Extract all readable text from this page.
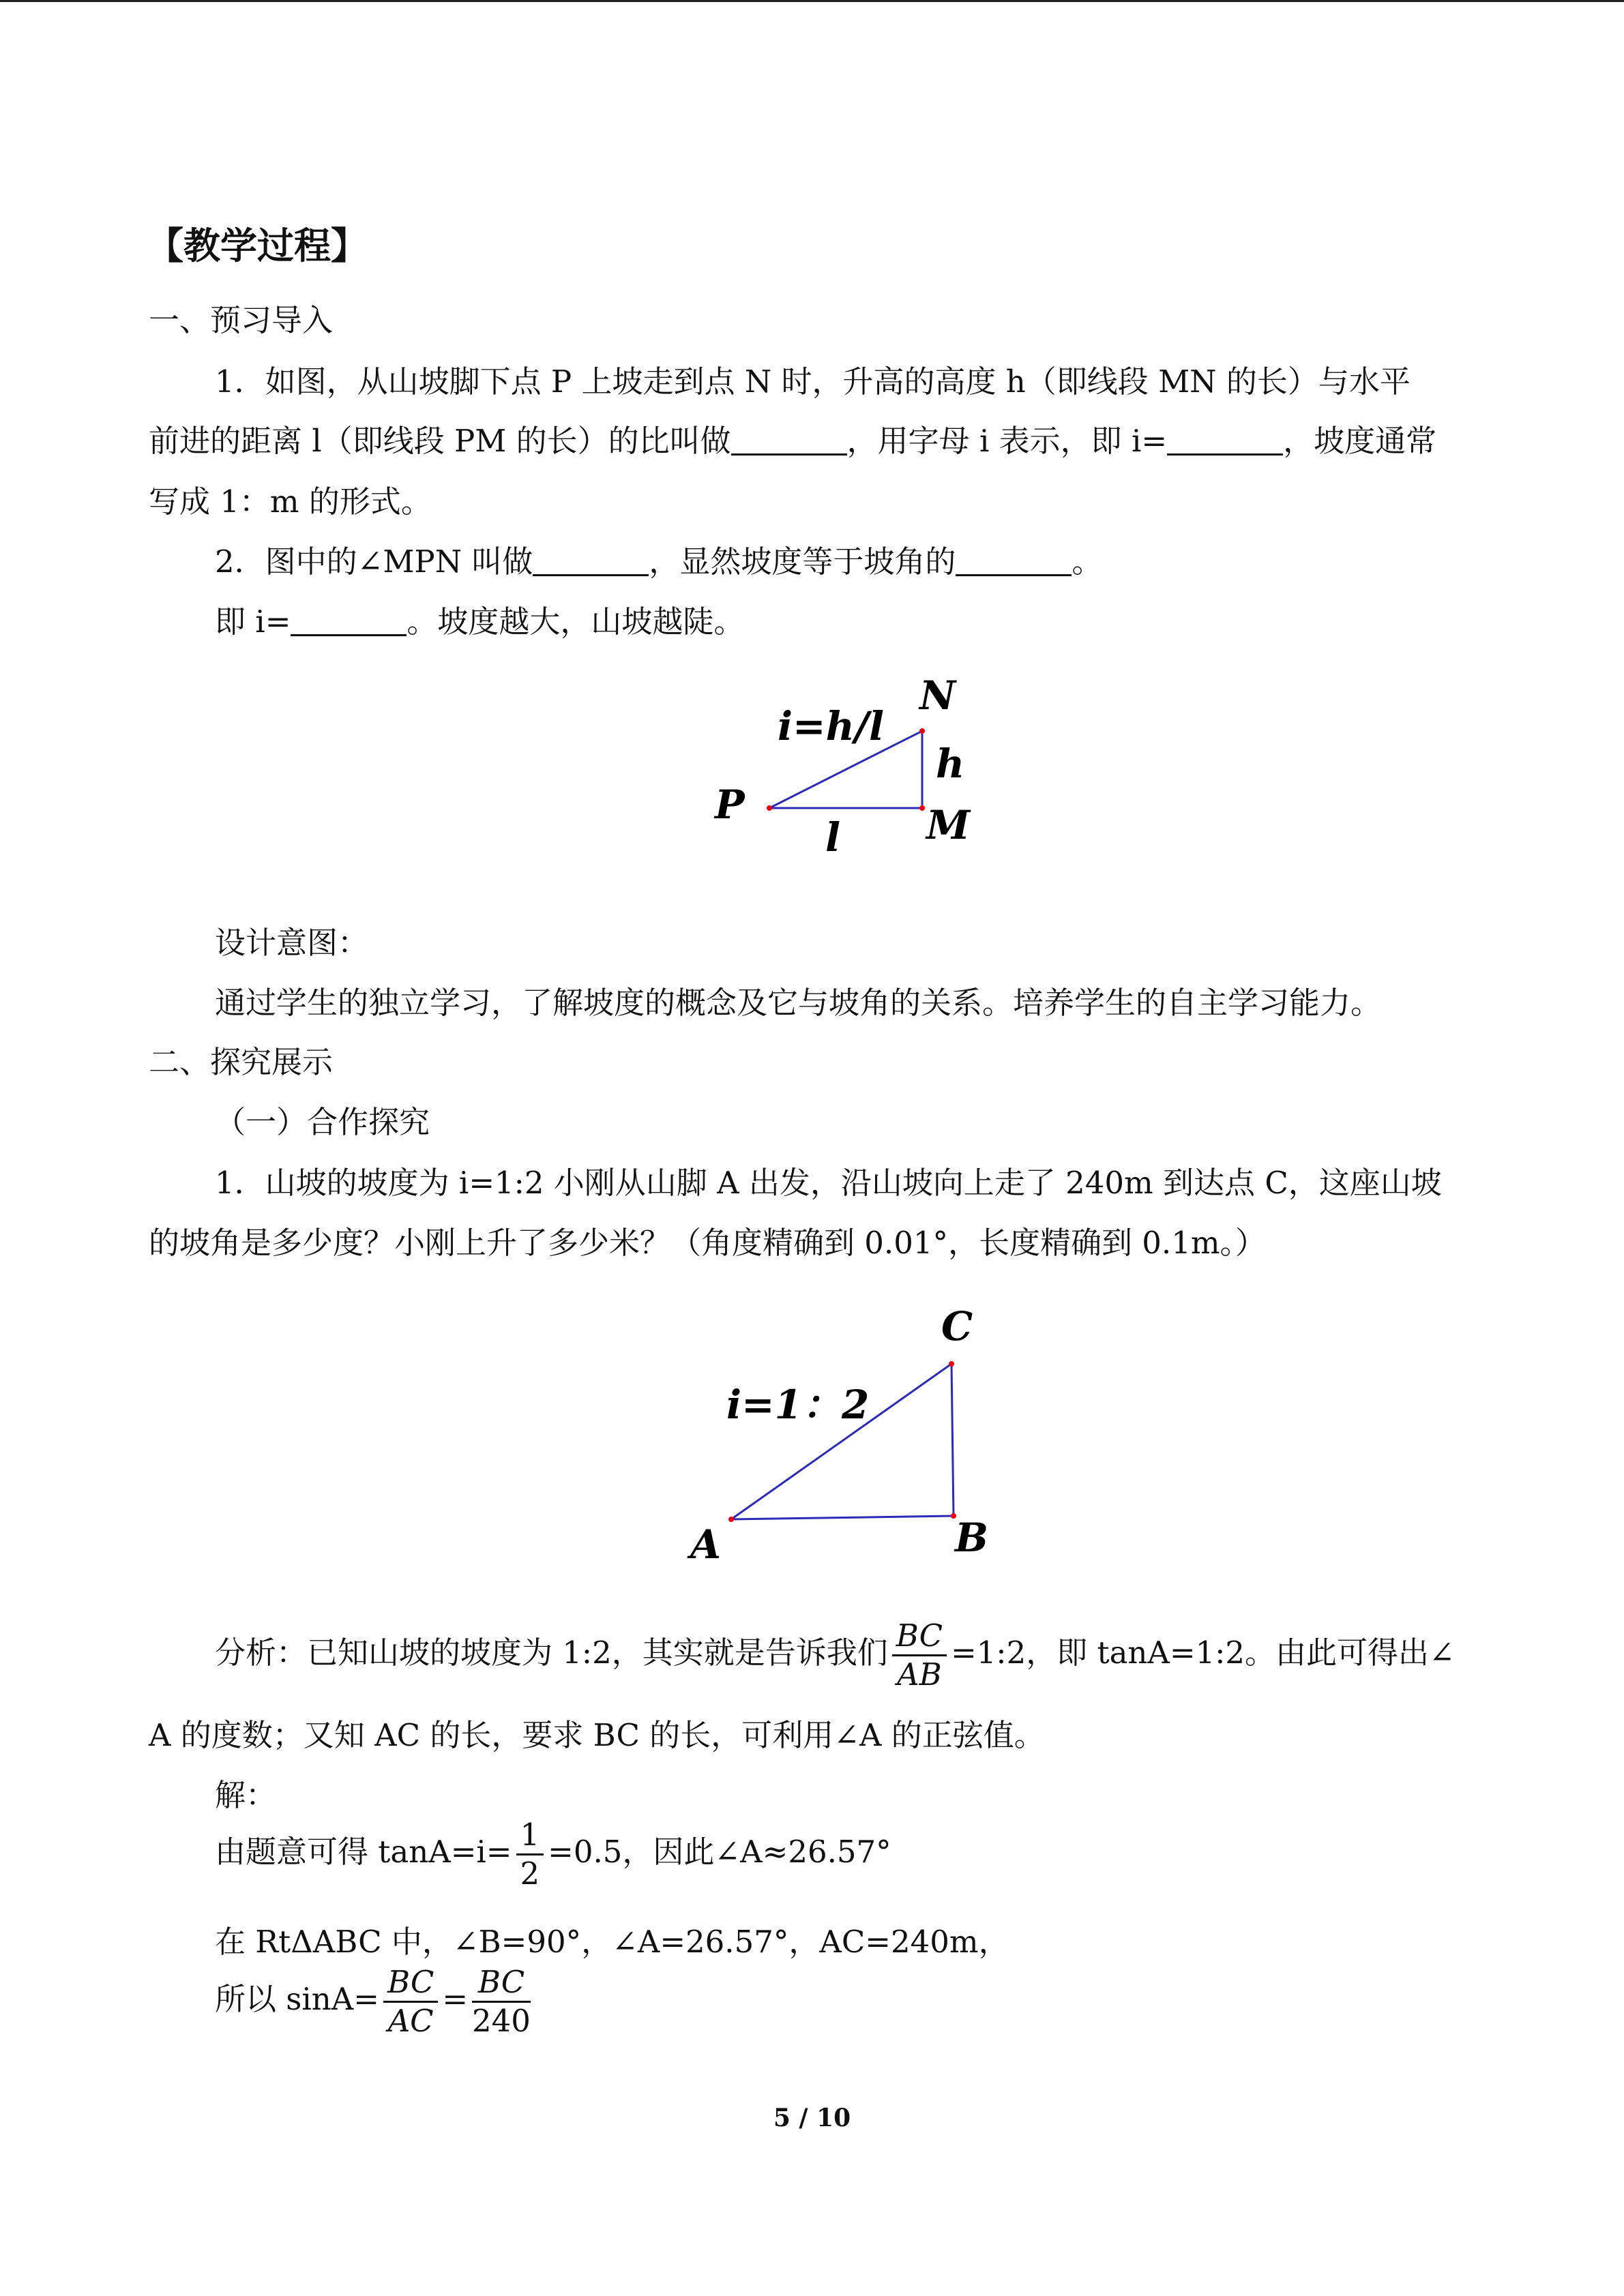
【教学过程】
一、预习导入
1．如图，从山坡脚下点 P 上坡走到点 N 时，升高的高度 h（即线段 MN 的长）与水平
前进的距离 l（即线段 PM 的长）的比叫做	，用字母 i 表示，即 i=	，坡度通常
写成 1：m 的形式。
2．图中的∠MPN 叫做	，显然坡度等于坡角的	。
即 i=	。坡度越大，山坡越陡。
i=h/l
N
h
P	M
l
设计意图：
通过学生的独立学习，了解坡度的概念及它与坡角的关系。培养学生的自主学习能力。
二、探究展示
（一）合作探究
1．山坡的坡度为 i=1:2 小刚从山脚 A 出发，沿山坡向上走了 240m 到达点 C，这座山坡
的坡角是多少度？小刚上升了多少米？（角度精确到 0.01°，长度精确到 0.1m。）
i=1：2
C
A	B
分析：已知山坡的坡度为 1:2，其实就是告诉我们 $\frac{BC}{AB}$ =1:2，即 tanA=1:2。由此可得出∠
A 的度数；又知 AC 的长，要求 BC 的长，可利用∠A 的正弦值。
解：
由题意可得 $\tan A=i= \frac{1}{2} =0.5$，因此∠A≈26.57°
在 RtΔABC 中，∠B=90°，∠A=26.57°，AC=240m，
所以 $\sin A= \frac{BC}{AC} = \frac{BC}{240}$
5 / 10
